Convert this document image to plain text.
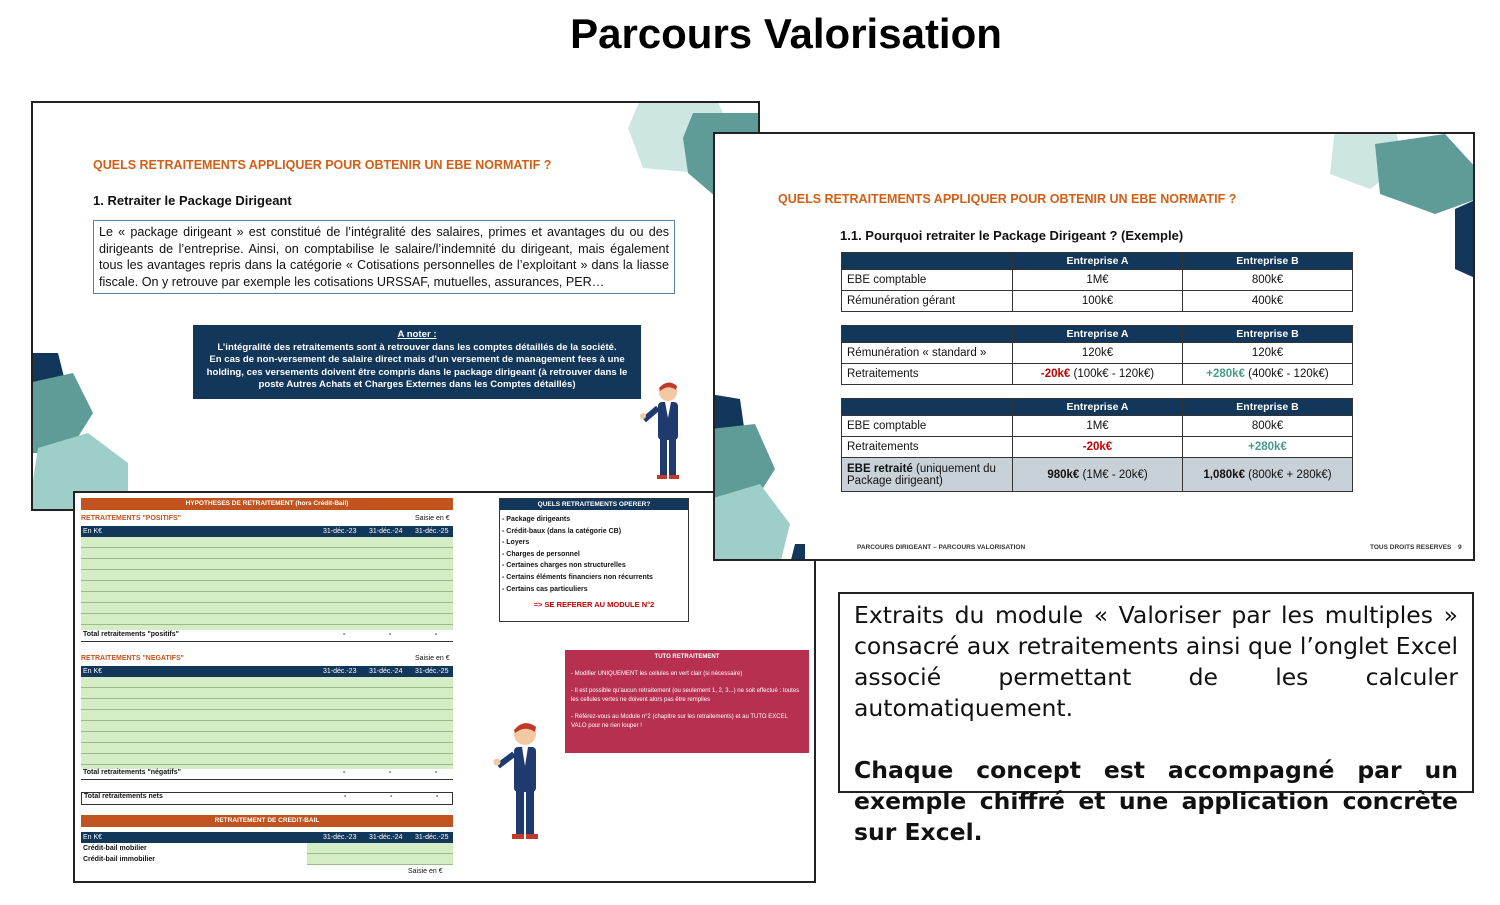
Parcours Valorisation
QUELS RETRAITEMENTS APPLIQUER POUR OBTENIR UN EBE NORMATIF ?
1. Retraiter le Package Dirigeant
Le « package dirigeant » est constitué de l’intégralité des salaires, primes et avantages du ou des dirigeants de l’entreprise. Ainsi, on comptabilise le salaire/l’indemnité du dirigeant, mais également tous les avantages repris dans la catégorie « Cotisations personnelles de l’exploitant » dans la liasse fiscale. On y retrouve par exemple les cotisations URSSAF, mutuelles, assurances, PER…
A noter :
L’intégralité des retraitements sont à retrouver dans les comptes détaillés de la société.
En cas de non-versement de salaire direct mais d’un versement de management fees à une holding, ces versements doivent être compris dans le package dirigeant (à retrouver dans le poste Autres Achats et Charges Externes dans les Comptes détaillés)
HYPOTHESES DE RETRAITEMENT (hors Crédit-Bail)
RETRAITEMENTS "POSITIFS"	Saisie en €
En K€	31-déc.-23 31-déc.-24 31-déc.-25
Total retraitements "positifs"	-	-	-
RETRAITEMENTS "NEGATIFS"	Saisie en €
En K€	31-déc.-23 31-déc.-24 31-déc.-25
Total retraitements "négatifs"	-	-	-
Total retraitements nets	-	-	-
RETRAITEMENT DE CREDIT-BAIL
En K€	31-déc.-23 31-déc.-24 31-déc.-25
Crédit-bail mobilier
Crédit-bail immobilier
Saisie en €
QUELS RETRAITEMENTS OPERER?
- Package dirigeants
- Crédit-baux (dans la catégorie CB)
- Loyers
- Charges de personnel
- Certaines charges non structurelles
- Certains éléments financiers non récurrents
- Certains cas particuliers
=> SE REFERER AU MODULE N°2
TUTO RETRAITEMENT

- Modifier UNIQUEMENT les cellules en vert clair (si nécessaire)

- Il est possible qu'aucun retraitement (ou seulement 1, 2, 3...) ne soit effectué : toutes les cellules vertes ne doivent alors pas être remplies

- Référez-vous au Module n°2 (chapitre sur les retraitements) et au TUTO EXCEL VALO pour ne rien louper !

QUELS RETRAITEMENTS APPLIQUER POUR OBTENIR UN EBE NORMATIF ?
1.1. Pourquoi retraiter le Package Dirigeant ? (Exemple)
	Entreprise A	Entreprise B
EBE comptable	1M€	800k€
Rémunération gérant	100k€	400k€
	Entreprise A	Entreprise B
Rémunération « standard »	120k€	120k€
Retraitements	-20k€ (100k€ - 120k€)	+280k€ (400k€ - 120k€)
	Entreprise A	Entreprise B
EBE comptable	1M€	800k€
Retraitements	-20k€	+280k€
EBE retraité (uniquement du Package dirigeant)	980k€ (1M€ - 20k€)	1,080k€ (800k€ + 280k€)
PARCOURS DIRIGEANT – PARCOURS VALORISATION	TOUS DROITS RESERVES 9
Extraits du module « Valoriser par les multiples » consacré aux retraitements ainsi que l’onglet Excel associé permettant de les calculer automatiquement.
Chaque concept est accompagné par un exemple chiffré et une application concrète sur Excel.
